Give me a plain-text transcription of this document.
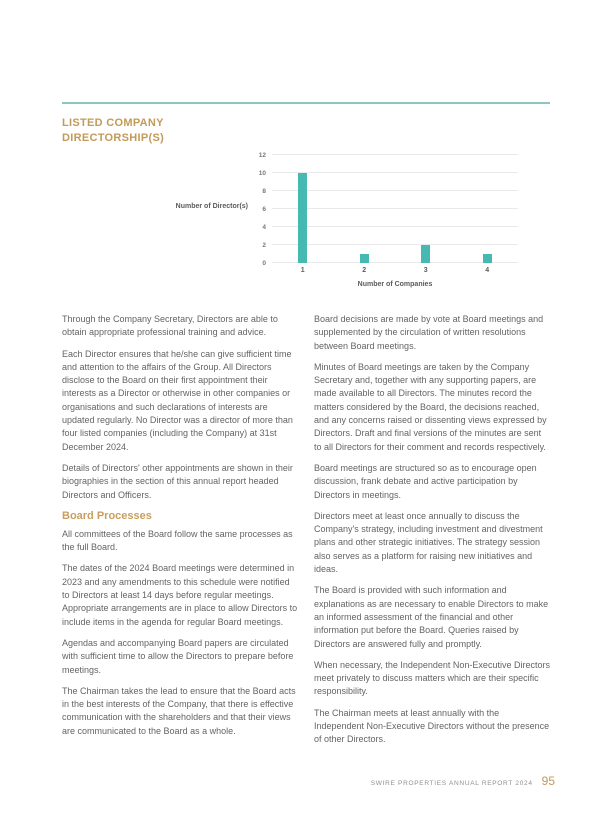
LISTED COMPANY
DIRECTORSHIP(S)
Number of Director(s)
0
2
4
6
8
10
12
1	2	3	4
Number of Companies

Through the Company Secretary, Directors are able to obtain appropriate professional training and advice.

Each Director ensures that he/she can give sufficient time and attention to the affairs of the Group. All Directors disclose to the Board on their first appointment their interests as a Director or otherwise in other companies or organisations and such declarations of interests are updated regularly. No Director was a director of more than four listed companies (including the Company) at 31st December 2024.

Details of Directors' other appointments are shown in their biographies in the section of this annual report headed Directors and Officers.

Board Processes

All committees of the Board follow the same processes as the full Board.

The dates of the 2024 Board meetings were determined in 2023 and any amendments to this schedule were notified to Directors at least 14 days before regular meetings. Appropriate arrangements are in place to allow Directors to include items in the agenda for regular Board meetings.

Agendas and accompanying Board papers are circulated with sufficient time to allow the Directors to prepare before meetings.

The Chairman takes the lead to ensure that the Board acts in the best interests of the Company, that there is effective communication with the shareholders and that their views are communicated to the Board as a whole.

Board decisions are made by vote at Board meetings and supplemented by the circulation of written resolutions between Board meetings.

Minutes of Board meetings are taken by the Company Secretary and, together with any supporting papers, are made available to all Directors. The minutes record the matters considered by the Board, the decisions reached, and any concerns raised or dissenting views expressed by Directors. Draft and final versions of the minutes are sent to all Directors for their comment and records respectively.

Board meetings are structured so as to encourage open discussion, frank debate and active participation by Directors in meetings.

Directors meet at least once annually to discuss the Company's strategy, including investment and divestment plans and other strategic initiatives. The strategy session also serves as a platform for raising new initiatives and ideas.

The Board is provided with such information and explanations as are necessary to enable Directors to make an informed assessment of the financial and other information put before the Board. Queries raised by Directors are answered fully and promptly.

When necessary, the Independent Non-Executive Directors meet privately to discuss matters which are their specific responsibility.

The Chairman meets at least annually with the Independent Non-Executive Directors without the presence of other Directors.

SWIRE PROPERTIES ANNUAL REPORT 2024 95
